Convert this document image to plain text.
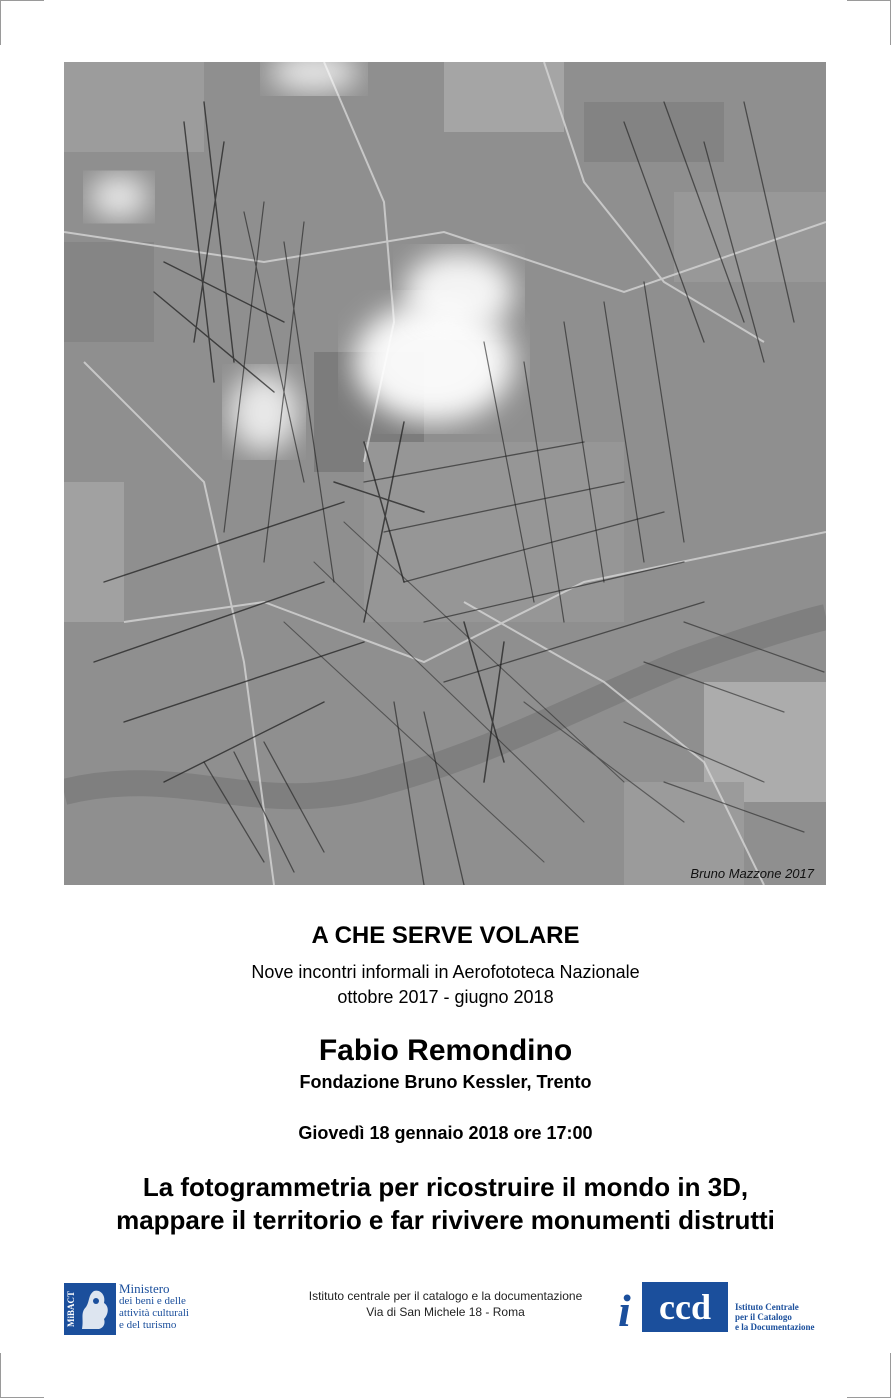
Bruno Mazzone 2017
A CHE SERVE VOLARE
Nove incontri informali in Aerofototeca Nazionale
ottobre 2017 - giugno 2018
Fabio Remondino
Fondazione Bruno Kessler, Trento
Giovedì 18 gennaio 2018 ore 17:00
La fotogrammetria per ricostruire il mondo in 3D,
mappare il territorio e far rivivere monumenti distrutti
MiBACT
Ministero
dei beni e delle
attività culturali
e del turismo
Istituto centrale per il catalogo e la documentazione
Via di San Michele 18 - Roma	i ccd	Istituto Centrale
per il Catalogo
e la Documentazione
